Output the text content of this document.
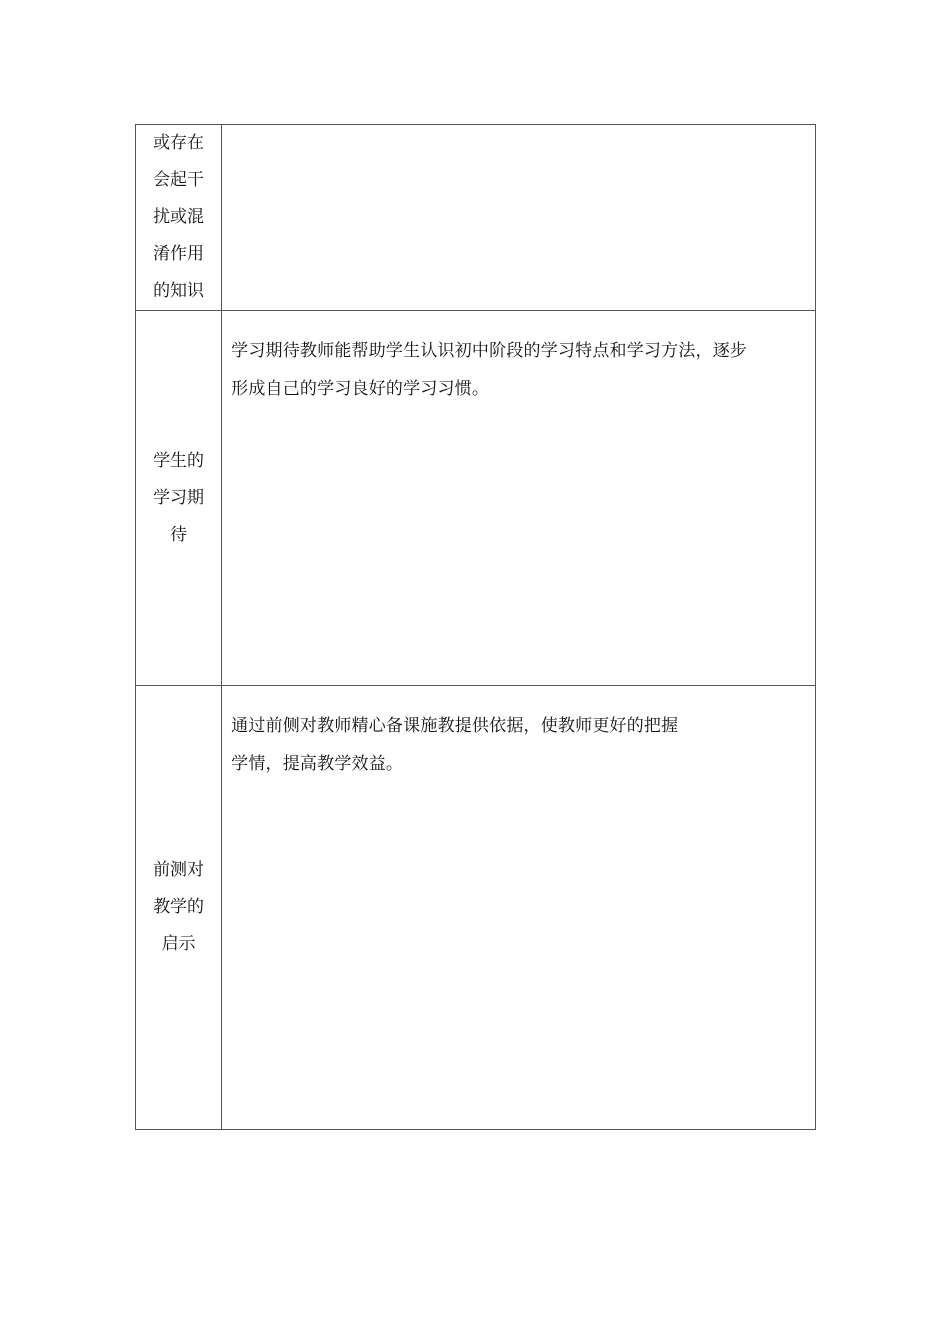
或存在
会起干
扰或混
淆作用
的知识	

学生的
学习期
待	学习期待教师能帮助学生认识初中阶段的学习特点和学习方法，逐步
形成自己的学习良好的学习习惯。

前测对
教学的
启示	通过前侧对教师精心备课施教提供依据，使教师更好的把握
学情，提高教学效益。
